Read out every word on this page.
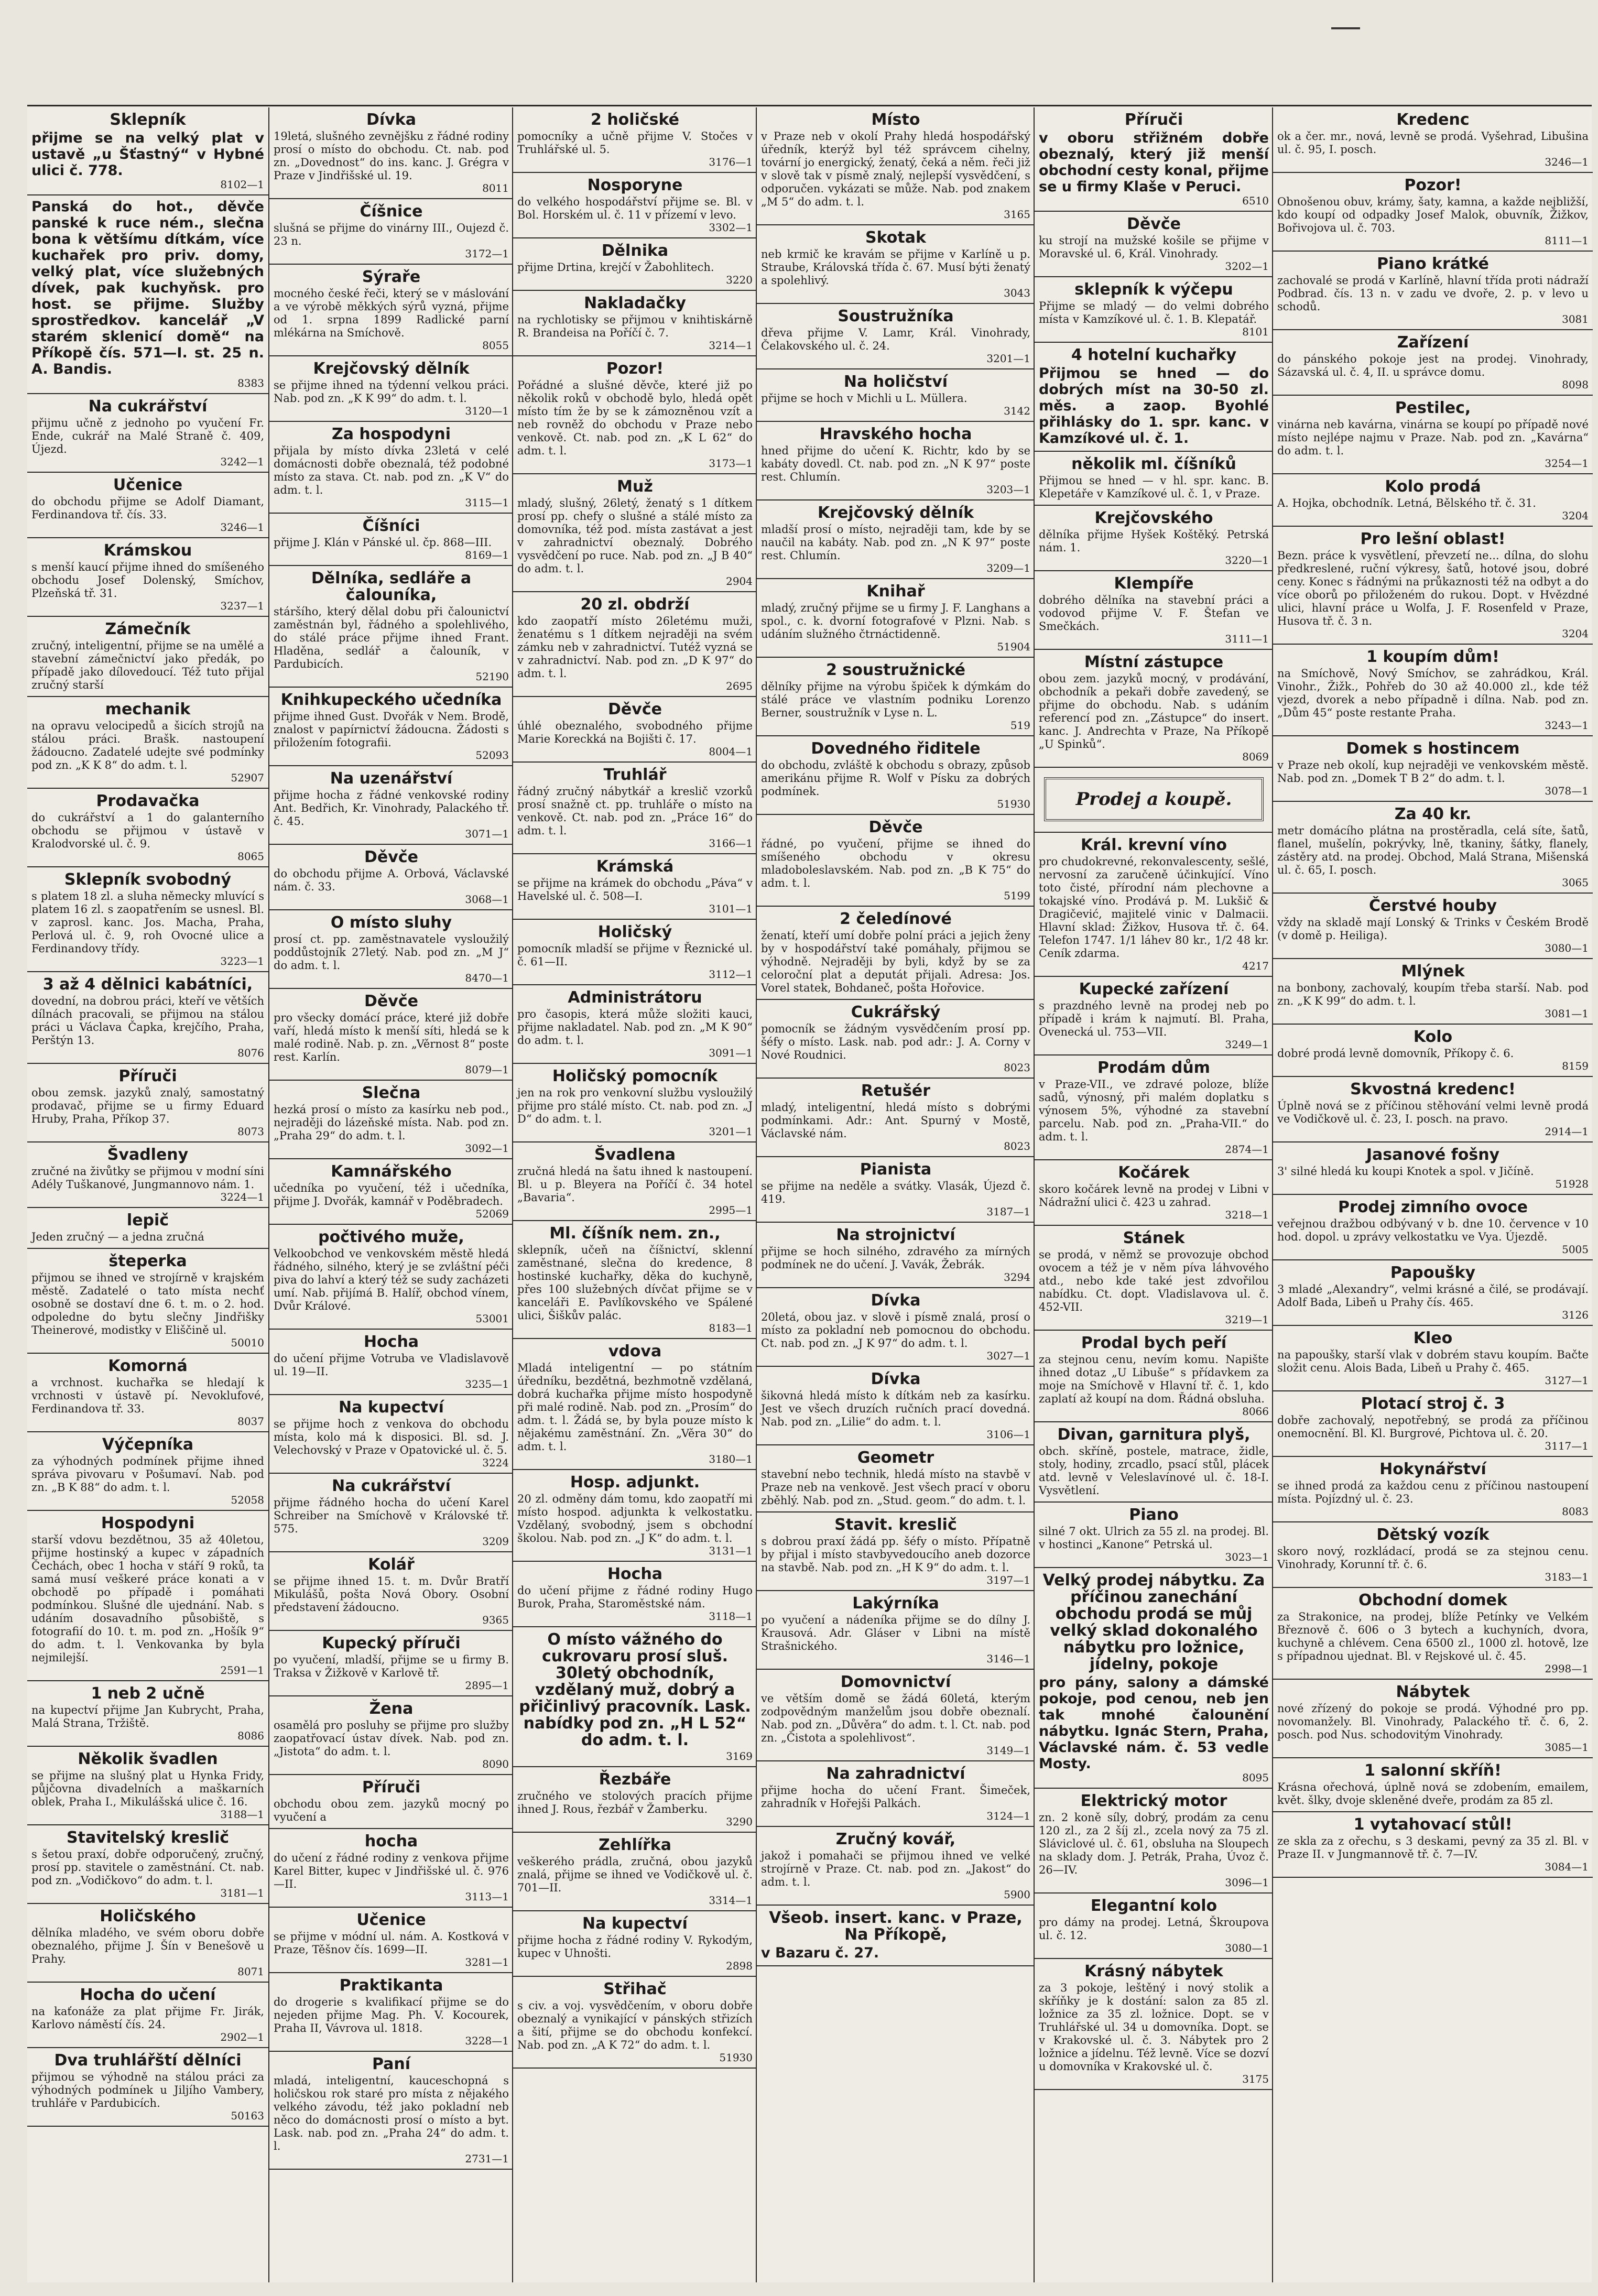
Sklepník
přijme se na velký plat v ustavě „u Šťastný“ v Hybné ulici č. 778.
8102—1
Panská do hot., děvče panské k ruce ném., slečna bona k většímu dítkám, více kuchařek pro priv. domy, velký plat, více služebných dívek, pak kuchyňsk. pro host. se přijme. Služby sprostředkov. kancelář „V starém sklenicí domě“ na Příkopě čís. 571—I. st. 25 n. A. Bandis.
8383
Na cukrářství
přijmu učně z jednoho po vyučení Fr. Ende, cukrář na Malé Straně č. 409, Újezd.
3242—1
Učenice
do obchodu přijme se Adolf Diamant, Ferdinandova tř. čís. 33.
3246—1
Krámskou
s menší kaucí přijme ihned do smíšeného obchodu Josef Dolenský, Smíchov, Plzeňská tř. 31.
3237—1
Zámečník
zručný, inteligentní, přijme se na umělé a stavební zámečnictví jako předák, po případě jako dílovedoucí. Též tuto přijal zručný starší
mechanik
na opravu velocipedů a šicích strojů na stálou práci. Brašk. nastoupení žádoucno. Zadatelé udejte své podmínky pod zn. „K K 8“ do adm. t. l.
52907
Prodavačka
do cukrářství a 1 do galanterního obchodu se přijmou v ústavě v Kralodvorské ul. č. 9.
8065
Sklepník svobodný
s platem 18 zl. a sluha německy mluvící s platem 16 zl. s zaopatřením se usnesl. Bl. v zaprosl. kanc. Jos. Macha, Praha, Perlová ul. č. 9, roh Ovocné ulice a Ferdinandovy třídy.
3223—1
3 až 4 dělnici kabátníci,
dovední, na dobrou práci, kteří ve větších dílnách pracovali, se přijmou na stálou práci u Václava Čapka, krejčího, Praha, Perštýn 13.
8076
Příruči
obou zemsk. jazyků znalý, samostatný prodavač, přijme se u firmy Eduard Hruby, Praha, Příkop 37.
8073
Švadleny
zručné na živůtky se přijmou v modní síni Adély Tuškanové, Jungmannovo nám. 1.
3224—1
lepič
Jeden zručný — a jedna zručná
šteperka
přijmou se ihned ve strojírně v krajském městě. Zadatelé o tato místa nechť osobně se dostaví dne 6. t. m. o 2. hod. odpoledne do bytu slečny Jindřišky Theinerové, modistky v Eliščině ul.
50010
Komorná
a vrchnost. kuchařka se hledají k vrchnosti v ústavě pí. Nevoklufové, Ferdinandova tř. 33.
8037
Výčepníka
za výhodných podmínek přijme ihned správa pivovaru v Pošumaví. Nab. pod zn. „B K 88“ do adm. t. l.
52058
Hospodyni
starší vdovu bezdětnou, 35 až 40letou, přijme hostinský a kupec v západních Čechách, obec 1 hocha v stáří 9 roků, ta samá musí veškeré práce konati a v obchodě po případě i pomáhati podmínkou. Slušné dle ujednání. Nab. s udáním dosavadního působiště, s fotografií do 10. t. m. pod zn. „Hošík 9“ do adm. t. l. Venkovanka by byla nejmilejší.
2591—1
1 neb 2 učně
na kupectví přijme Jan Kubrycht, Praha, Malá Strana, Tržiště.
8086
Několik švadlen
se přijme na slušný plat u Hynka Fridy, půjčovna divadelních a maškarních oblek, Praha I., Mikulášská ulice č. 16.
3188—1
Stavitelský kreslič
s šetou praxí, dobře odporučený, zručný, prosí pp. stavitele o zaměstnání. Ct. nab. pod zn. „Vodičkovo“ do adm. t. l.
3181—1
Holičského
dělníka mladého, ve svém oboru dobře obeznalého, přijme J. Šín v Benešově u Prahy.
8071
Hocha do učení
na kaťonáže za plat přijme Fr. Jirák, Karlovo náměstí čís. 24.
2902—1
Dva truhlářští dělníci
přijmou se výhodně na stálou práci za výhodných podmínek u Jiljího Vambery, truhláře v Pardubicích.
50163
Dívka
19letá, slušného zevnějšku z řádné rodiny prosí o místo do obchodu. Ct. nab. pod zn. „Dovednost“ do ins. kanc. J. Grégra v Praze v Jindřišské ul. 19.
8011
Číšnice
slušná se přijme do vinárny III., Oujezd č. 23 n.
3172—1
Sýraře
mocného české řeči, který se v máslování a ve výrobě měkkých sýrů vyzná, přijme od 1. srpna 1899 Radlické parní mlékárna na Smíchově.
8055
Krejčovský dělník
se přijme ihned na týdenní velkou práci. Nab. pod zn. „K K 99“ do adm. t. l.
3120—1
Za hospodyni
přijala by místo dívka 23letá v celé domácnosti dobře obeznalá, též podobné místo za stava. Ct. nab. pod zn. „K V“ do adm. t. l.
3115—1
Číšníci
přijme J. Klán v Pánské ul. čp. 868—III.
8169—1
Dělníka, sedláře a čalouníka,
stáršího, který dělal dobu při čalounictví zaměstnán byl, řádného a spolehlivého, do stálé práce přijme ihned Frant. Hladěna, sedlář a čalouník, v Pardubicích.
52190
Knihkupeckého učedníka
přijme ihned Gust. Dvořák v Nem. Brodě, znalost v papírnictví žádoucna. Žádosti s přiložením fotografii.
52093
Na uzenářství
přijme hocha z řádné venkovské rodiny Ant. Bedřich, Kr. Vinohrady, Palackého tř. č. 45.
3071—1
Děvče
do obchodu přijme A. Orbová, Václavské nám. č. 33.
3068—1
O místo sluhy
prosí ct. pp. zaměstnavatele vysloužilý poddůstojník 27letý. Nab. pod zn. „M J“ do adm. t. l.
8470—1
Děvče
pro všecky domácí práce, které již dobře vaří, hledá místo k menší síti, hledá se k malé rodině. Nab. p. zn. „Věrnost 8“ poste rest. Karlín.
8079—1
Slečna
hezká prosí o místo za kasírku neb pod., nejraději do lázeňské místa. Nab. pod zn. „Praha 29“ do adm. t. l.
3092—1
Kamnářského
učedníka po vyučení, též i učedníka, přijme J. Dvořák, kamnář v Poděbradech.
52069
počtivého muže,
Velkoobchod ve venkovském městě hledá řádného, silného, který je se zvláštní péči piva do lahví a který též se sudy zacházeti umí. Nab. přijímá B. Halíř, obchod vínem, Dvůr Králové.
53001
Hocha
do učení přijme Votruba ve Vladislavově ul. 19—II.
3235—1
Na kupectví
se přijme hoch z venkova do obchodu místa, kolo má k disposici. Bl. sd. J. Velechovský v Praze v Opatovické ul. č. 5.
3224
Na cukrářství
přijme řádného hocha do učení Karel Schreiber na Smíchově v Královské tř. 575.
3209
Kolář
se přijme ihned 15. t. m. Dvůr Bratří Mikulášů, pošta Nová Obory. Osobní představení žádoucno.
9365
Kupecký příruči
po vyučení, mladší, přijme se u firmy B. Traksa v Žižkově v Karlově tř.
2895—1
Žena
osamělá pro posluhy se přijme pro služby zaopatřovací ústav dívek. Nab. pod zn. „Jistota“ do adm. t. l.
8090
Příruči
obchodu obou zem. jazyků mocný po vyučení a
hocha
do učení z řádné rodiny z venkova přijme Karel Bitter, kupec v Jindřišské ul. č. 976—II.
3113—1
Učenice
se přijme v módní ul. nám. A. Kostková v Praze, Těšnov čís. 1699—II.
3281—1
Praktikanta
do drogerie s kvalifikací přijme se do nejeden přijme Mag. Ph. V. Kocourek, Praha II, Vávrova ul. 1818.
3228—1
Paní
mladá, inteligentní, kauceschopná s holičskou rok staré pro místa z nějakého velkého závodu, též jako pokladní neb něco do domácnosti prosí o místo a byt. Lask. nab. pod zn. „Praha 24“ do adm. t. l.
2731—1
2 holičské
pomocníky a učně přijme V. Stočes v Truhlářské ul. 5.
3176—1
Nosporyne
do velkého hospodářství přijme se. Bl. v Bol. Horském ul. č. 11 v přízemí v levo.
3302—1
Dělnika
přijme Drtina, krejčí v Žabohlitech.
3220
Nakladačky
na rychlotisky se přijmou v knihtiskárně R. Brandeisa na Poříčí č. 7.
3214—1
Pozor!
Pořádné a slušné děvče, které již po několik roků v obchodě bylo, hledá opět místo tím že by se k zámozněnou vzít a neb rovněž do obchodu v Praze nebo venkově. Ct. nab. pod zn. „K L 62“ do adm. t. l.
3173—1
Muž
mladý, slušný, 26letý, ženatý s 1 dítkem prosí pp. chefy o slušné a stálé místo za domovníka, též pod. místa zastávat a jest v zahradnictví obeznalý. Dobrého vysvědčení po ruce. Nab. pod zn. „J B 40“ do adm. t. l.
2904
20 zl. obdrží
kdo zaopatří místo 26letému muži, ženatému s 1 dítkem nejraději na svém zámku neb v zahradnictví. Tutéž vyzná se v zahradnictví. Nab. pod zn. „D K 97“ do adm. t. l.
2695
Děvče
úhlé obeznalého, svobodného přijme Marie Koreckká na Bojišti č. 17.
8004—1
Truhlář
řádný zručný nábytkář a kreslič vzorků prosí snažně ct. pp. truhláře o místo na venkově. Ct. nab. pod zn. „Práce 16“ do adm. t. l.
3166—1
Krámská
se přijme na krámek do obchodu „Páva“ v Havelské ul. č. 508—I.
3101—1
Holičský
pomocník mladší se přijme v Řeznické ul. č. 61—II.
3112—1
Administrátoru
pro časopis, která může složiti kauci, přijme nakladatel. Nab. pod zn. „M K 90“ do adm. t. l.
3091—1
Holičský pomocník
jen na rok pro venkovní službu vysloužilý přijme pro stálé místo. Ct. nab. pod zn. „J D“ do adm. t. l.
3201—1
Švadlena
zručná hledá na šatu ihned k nastoupení. Bl. u p. Bleyera na Poříčí č. 34 hotel „Bavaria“.
2995—1
Ml. číšník nem. zn.,
sklepník, učeň na číšnictví, sklenní zaměstnané, slečna do kredence, 8 hostinské kuchařky, děka do kuchyně, přes 100 služebných dívčat přijme se v kanceláři E. Pavlíkovského ve Spálené ulici, Šiškův palác.
8183—1
vdova
Mladá inteligentní — po státním úředníku, bezdětná, bezhmotně vzdělaná, dobrá kuchařka přijme místo hospodyně při malé rodině. Nab. pod zn. „Prosím“ do adm. t. l. Žádá se, by byla pouze místo k nějakému zaměstnání. Zn. „Věra 30“ do adm. t. l.
3180—1
Hosp. adjunkt.
20 zl. odměny dám tomu, kdo zaopatří mi místo hospod. adjunkta k velkostatku. Vzdělaný, svobodný, jsem s obchodní školou. Nab. pod zn. „J K“ do adm. t. l.
3131—1
Hocha
do učení přijme z řádné rodiny Hugo Burok, Praha, Staroměstské nám.
3118—1
O místo vážného do cukrovaru prosí sluš. 30letý obchodník, vzdělaný muž, dobrý a přičinlivý pracovník. Lask. nabídky pod zn. „H L 52“ do adm. t. l.
3169
Řezbáře
zručného ve stolových pracích přijme ihned J. Rous, řezbář v Žamberku.
3290
Zehlířka
veškerého prádla, zručná, obou jazyků znalá, přijme se ihned ve Vodičkově ul. č. 701—II.
3314—1
Na kupectví
přijme hocha z řádné rodiny V. Rykodým, kupec v Uhnošti.
2898
Střihač
s civ. a voj. vysvědčením, v oboru dobře obeznalý a vynikající v pánských střizích a šití, přijme se do obchodu konfekcí. Nab. pod zn. „A K 72“ do adm. t. l.
51930
Místo
v Praze neb v okolí Prahy hledá hospodářský úředník, kterýž byl též správcem cihelny, tovární jo energický, ženatý, čeká a něm. řeči již v slově tak v písmě znalý, nejlepší vysvědčení, s odporučen. vykázati se může. Nab. pod znakem „M 5“ do adm. t. l.
3165
Skotak
neb krmič ke kravám se přijme v Karlíně u p. Straube, Královská třída č. 67. Musí býti ženatý a spolehlivý.
3043
Soustružníka
dřeva přijme V. Lamr, Král. Vinohrady, Čelakovského ul. č. 24.
3201—1
Na holičství
přijme se hoch v Michli u L. Müllera.
3142
Hravského hocha
hned přijme do učení K. Richtr, kdo by se kabáty dovedl. Ct. nab. pod zn. „N K 97“ poste rest. Chlumín.
3203—1
Krejčovský dělník
mladší prosí o místo, nejraději tam, kde by se naučil na kabáty. Nab. pod zn. „N K 97“ poste rest. Chlumín.
3209—1
Knihař
mladý, zručný přijme se u firmy J. F. Langhans a spol., c. k. dvorní fotografové v Plzni. Nab. s udáním služného čtrnáctidenně.
51904
2 soustružnické
dělníky přijme na výrobu špiček k dýmkám do stálé práce ve vlastním podniku Lorenzo Berner, soustružník v Lyse n. L.
519
Dovedného řiditele
do obchodu, zvláště k obchodu s obrazy, způsob amerikánu přijme R. Wolf v Písku za dobrých podmínek.
51930
Děvče
řádné, po vyučení, přijme se ihned do smíšeného obchodu v okresu mladoboleslavském. Nab. pod zn. „B K 75“ do adm. t. l.
5199
2 čeledínové
ženatí, kteří umí dobře polní práci a jejich ženy by v hospodářství také pomáhaly, přijmou se výhodně. Nejraději by byli, když by se za celoroční plat a deputát přijali. Adresa: Jos. Vorel statek, Bohdaneč, pošta Hořovice.
Cukrářský
pomocník se žádným vysvědčením prosí pp. šéfy o místo. Lask. nab. pod adr.: J. A. Corny v Nové Roudnici.
8023
Retušér
mladý, inteligentní, hledá místo s dobrými podmínkami. Adr.: Ant. Spurný v Mostě, Václavské nám.
8023
Pianista
se přijme na neděle a svátky. Vlasák, Újezd č. 419.
3187—1
Na strojnictví
přijme se hoch silného, zdravého za mírných podmínek ne do učení. J. Vavák, Žebrák.
3294
Dívka
20letá, obou jaz. v slově i písmě znalá, prosí o místo za pokladní neb pomocnou do obchodu. Ct. nab. pod zn. „J K 97“ do adm. t. l.
3027—1
Dívka
šikovná hledá místo k dítkám neb za kasírku. Jest ve všech druzích ručních prací dovedná. Nab. pod zn. „Lilie“ do adm. t. l.
3106—1
Geometr
stavební nebo technik, hledá místo na stavbě v Praze neb na venkově. Jest všech prací v oboru zběhlý. Nab. pod zn. „Stud. geom.“ do adm. t. l.
Stavit. kreslič
s dobrou praxí žádá pp. šéfy o místo. Přípatně by přijal i místo stavbyvedoucího aneb dozorce na stavbě. Nab. pod zn. „H K 9“ do adm. t. l.
3197—1
Lakýrníka
po vyučení a nádeníka přijme se do dílny J. Krausová. Adr. Gláser v Libni na místě Strašnického.
3146—1
Domovnictví
ve větším domě se žádá 60letá, kterým zodpovědným manželům jsou dobře obeznalí. Nab. pod zn. „Důvěra“ do adm. t. l. Ct. nab. pod zn. „Čistota a spolehlivost“.
3149—1
Na zahradnictví
přijme hocha do učení Frant. Šimeček, zahradník v Hořejši Palkách.
3124—1
Zručný kovář,
jakož i pomahači se přijmou ihned ve velké strojírně v Praze. Ct. nab. pod zn. „Jakost“ do adm. t. l.
5900
Všeob. insert. kanc. v Praze, Na Příkopě,
v Bazaru č. 27.
Příruči
v oboru střižném dobře obeznalý, který již menší obchodní cesty konal, přijme se u firmy Klaše v Peruci.
6510
Děvče
ku strojí na mužské košile se přijme v Moravské ul. 6, Král. Vinohrady.
3202—1
sklepník k výčepu
Přijme se mladý — do velmi dobrého místa v Kamzíkové ul. č. 1. B. Klepatář.
8101
4 hotelní kuchařky
Přijmou se hned — do dobrých míst na 30-50 zl. měs. a zaop. Byohlé přihlásky do 1. spr. kanc. v Kamzíkové ul. č. 1.
několik ml. číšníků
Přijmou se hned — v hl. spr. kanc. B. Klepetáře v Kamzíkové ul. č. 1, v Praze.
Krejčovského
dělníka přijme Hyšek Koštěký. Petrská nám. 1.
3220—1
Klempíře
dobrého dělníka na stavební práci a vodovod přijme V. F. Štefan ve Smečkách.
3111—1
Místní zástupce
obou zem. jazyků mocný, v prodávání, obchodník a pekaři dobře zavedený, se přijme do obchodu. Nab. s udáním referencí pod zn. „Zástupce“ do insert. kanc. J. Andrechta v Praze, Na Příkopě „U Spinků“.
8069
Prodej a koupě.
Král. krevní víno
pro chudokrevné, rekonvalescenty, sešlé, nervosní za zaručeně účinkující. Víno toto čisté, přírodní nám plechovne a tokajské víno. Prodává p. M. Lukšič & Dragičević, majitelé vinic v Dalmacii. Hlavní sklad: Žižkov, Husova tř. č. 64. Telefon 1747. 1/1 láhev 80 kr., 1/2 48 kr. Ceník zdarma.
4217
Kupecké zařízení
s prazdného levně na prodej neb po případě i krám k najmutí. Bl. Praha, Ovenecká ul. 753—VII.
3249—1
Prodám dům
v Praze-VII., ve zdravé poloze, blíže sadů, výnosný, při malém doplatku s výnosem 5%, výhodné za stavební parcelu. Nab. pod zn. „Praha-VII.“ do adm. t. l.
2874—1
Kočárek
skoro kočárek levně na prodej v Libni v Nádražní ulici č. 423 u zahrad.
3218—1
Stánek
se prodá, v němž se provozuje obchod ovocem a též je v něm píva láhvového atd., nebo kde také jest zdvořilou nabídku. Ct. dopt. Vladislavova ul. č. 452-VII.
3219—1
Prodal bych peří
za stejnou cenu, nevím komu. Napište ihned dotaz „U Libuše“ s přídavkem za moje na Smíchově v Hlavní tř. č. 1, kdo zaplatí až koupí na dom. Řádná obsluha.
8066
Divan, garnitura plyš,
obch. skříně, postele, matrace, židle, stoly, hodiny, zrcadlo, psací stůl, plácek atd. levně v Veleslavínové ul. č. 18-I. Vysvětlení.
Piano
silné 7 okt. Ulrich za 55 zl. na prodej. Bl. v hostinci „Kanone“ Petrská ul.
3023—1
Velký prodej nábytku. Za příčinou zanechání obchodu prodá se můj velký sklad dokonalého nábytku pro ložnice, jídelny, pokoje
pro pány, salony a dámské pokoje, pod cenou, neb jen tak mnohé čalounění nábytku. Ignác Stern, Praha, Václavské nám. č. 53 vedle Mosty.
8095
Elektrický motor
zn. 2 koně síly, dobrý, prodám za cenu 120 zl., za 2 šíj zl., zcela nový za 75 zl. Sláviclové ul. č. 61, obsluha na Sloupech na sklady dom. J. Petrák, Praha, Úvoz č. 26—IV.
3096—1
Elegantní kolo
pro dámy na prodej. Letná, Škroupova ul. č. 12.
3080—1
Krásný nábytek
za 3 pokoje, leštěný i nový stolik a skříňky je k dostání: salon za 85 zl. ložnice za 35 zl. ložnice. Dopt. se v Truhlářské ul. 34 u domovníka. Dopt. se v Krakovské ul. č. 3. Nábytek pro 2 ložnice a jídelnu. Též levně. Více se dozví u domovníka v Krakovské ul. č.
3175
Kredenc
ok a čer. mr., nová, levně se prodá. Vyšehrad, Libušina ul. č. 95, I. posch.
3246—1
Pozor!
Obnošenou obuv, krámy, šaty, kamna, a každe nejbližší, kdo koupí od odpadky Josef Malok, obuvník, Žižkov, Bořivojova ul. č. 703.
8111—1
Piano krátké
zachovalé se prodá v Karlíně, hlavní třída proti nádraží Podbrad. čís. 13 n. v zadu ve dvoře, 2. p. v levo u schodů.
3081
Zařízení
do pánského pokoje jest na prodej. Vinohrady, Sázavská ul. č. 4, II. u správce domu.
8098
Pestilec,
vinárna neb kavárna, vinárna se koupí po případě nové místo nejlépe najmu v Praze. Nab. pod zn. „Kavárna“ do adm. t. l.
3254—1
Kolo prodá
A. Hojka, obchodník. Letná, Bělského tř. č. 31.
3204
Pro lešní oblast!
Bezn. práce k vysvětlení, převzetí ne... dílna, do slohu předkreslené, ruční výkresy, šatů, hotové jsou, dobré ceny. Konec s řádnými na průkaznosti též na odbyt a do více oborů po přiloženém do rukou. Dopt. v Hvězdné ulici, hlavní práce u Wolfa, J. F. Rosenfeld v Praze, Husova tř. č. 3 n.
3204
1 koupím dům!
na Smíchově, Nový Smíchov, se zahrádkou, Král. Vinohr., Žižk., Pohřeb do 30 až 40.000 zl., kde též vjezd, dvorek a nebo případně i dílna. Nab. pod zn. „Dům 45“ poste restante Praha.
3243—1
Domek s hostincem
v Praze neb okolí, kup nejraději ve venkovském městě. Nab. pod zn. „Domek T B 2“ do adm. t. l.
3078—1
Za 40 kr.
metr domácího plátna na prostěradla, celá síte, šatů, flanel, mušelín, pokrývky, lně, tkaniny, šátky, flanely, zástěry atd. na prodej. Obchod, Malá Strana, Mišenská ul. č. 65, I. posch.
3065
Čerstvé houby
vždy na skladě mají Lonský & Trinks v Českém Brodě (v domě p. Heiliga).
3080—1
Mlýnek
na bonbony, zachovalý, koupím třeba starší. Nab. pod zn. „K K 99“ do adm. t. l.
3081—1
Kolo
dobré prodá levně domovník, Příkopy č. 6.
8159
Skvostná kredenc!
Úplně nová se z příčinou stěhování velmi levně prodá ve Vodičkově ul. č. 23, I. posch. na pravo.
2914—1
Jasanové fošny
3' silné hledá ku koupi Knotek a spol. v Jičíně.
51928
Prodej zimního ovoce
veřejnou dražbou odbývaný v b. dne 10. července v 10 hod. dopol. u zprávy velkostatku ve Vya. Újezdě.
5005
Papoušky
3 mladé „Alexandry“, velmi krásné a čilé, se prodávají. Adolf Bada, Libeň u Prahy čís. 465.
3126
Kleo
na papoušky, starší vlak v dobrém stavu koupím. Bačte složit cenu. Alois Bada, Libeň u Prahy č. 465.
3127—1
Plotací stroj č. 3
dobře zachovalý, nepotřebný, se prodá za příčinou onemocnění. Bl. Kl. Burgrové, Pichtova ul. č. 20.
3117—1
Hokynářství
se ihned prodá za každou cenu z příčinou nastoupení místa. Pojízdný ul. č. 23.
8083
Dětský vozík
skoro nový, rozkládací, prodá se za stejnou cenu. Vinohrady, Korunní tř. č. 6.
3183—1
Obchodní domek
za Strakonice, na prodej, blíže Petínky ve Velkém Březnově č. 606 o 3 bytech a kuchyních, dvora, kuchyně a chlévem. Cena 6500 zl., 1000 zl. hotově, lze s případnou ujednat. Bl. v Rejskové ul. č. 45.
2998—1
Nábytek
nové zřízený do pokoje se prodá. Výhodné pro pp. novomanžely. Bl. Vinohrady, Palackého tř. č. 6, 2. posch. pod Nus. schodovitým Vinohrady.
3085—1
1 salonní skříň!
Krásna ořechová, úplně nová se zdobením, emailem, květ. šlky, dvoje skleněné dveře, prodám za 85 zl.
1 vytahovací stůl!
ze skla za z ořechu, s 3 deskami, pevný za 35 zl. Bl. v Praze II. v Jungmannově tř. č. 7—IV.
3084—1
